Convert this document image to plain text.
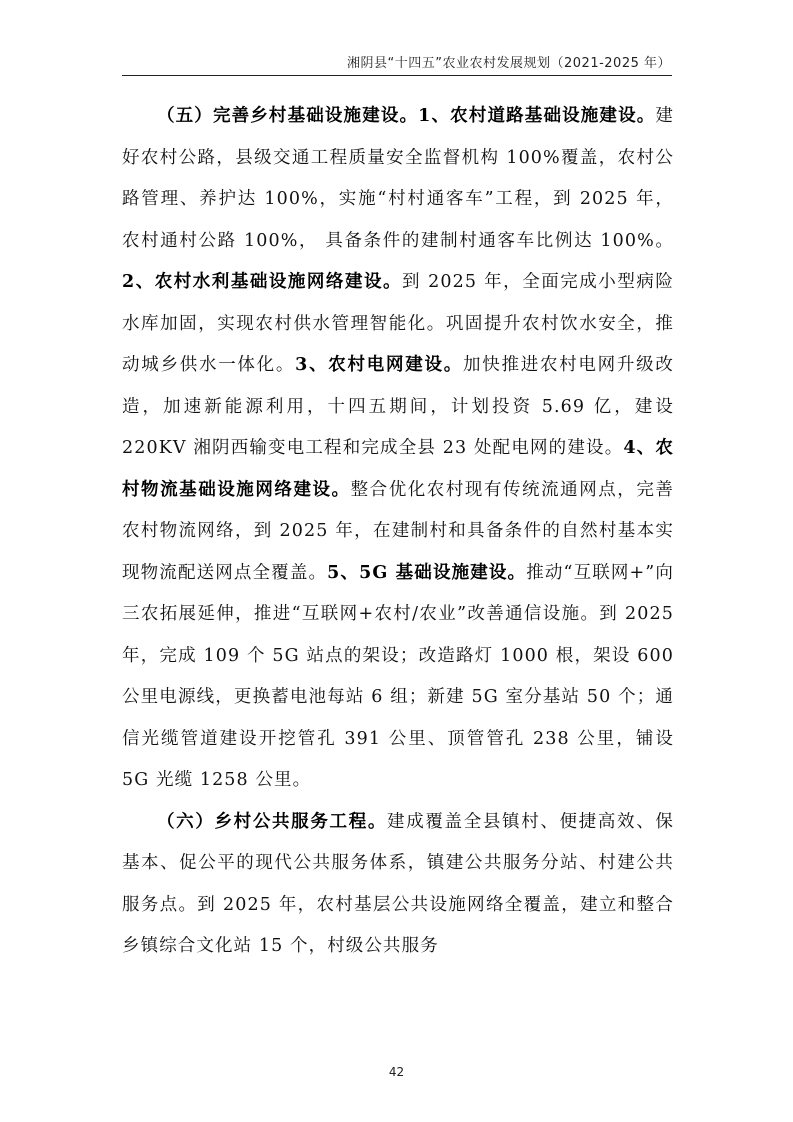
湘阴县“十四五”农业农村发展规划（2021-2025 年）

（五）完善乡村基础设施建设。1、农村道路基础设施建设。建好农村公路，县级交通工程质量安全监督机构 100%覆盖，农村公路管理、养护达 100%，实施“村村通客车”工程，到 2025 年，农村通村公路 100%， 具备条件的建制村通客车比例达 100%。2、农村水利基础设施网络建设。到 2025 年，全面完成小型病险水库加固，实现农村供水管理智能化。巩固提升农村饮水安全，推动城乡供水一体化。3、农村电网建设。加快推进农村电网升级改造，加速新能源利用，十四五期间，计划投资 5.69 亿，建设 220KV 湘阴西输变电工程和完成全县 23 处配电网的建设。4、农村物流基础设施网络建设。整合优化农村现有传统流通网点，完善农村物流网络，到 2025 年，在建制村和具备条件的自然村基本实现物流配送网点全覆盖。5、5G 基础设施建设。推动“互联网+”向三农拓展延伸，推进“互联网+农村/农业”改善通信设施。到 2025 年，完成 109 个 5G 站点的架设；改造路灯 1000 根，架设 600 公里电源线，更换蓄电池每站 6 组；新建 5G 室分基站 50 个；通信光缆管道建设开挖管孔 391 公里、顶管管孔 238 公里，铺设 5G 光缆 1258 公里。

（六）乡村公共服务工程。建成覆盖全县镇村、便捷高效、保基本、促公平的现代公共服务体系，镇建公共服务分站、村建公共服务点。到 2025 年，农村基层公共设施网络全覆盖，建立和整合乡镇综合文化站 15 个，村级公共服务

42
